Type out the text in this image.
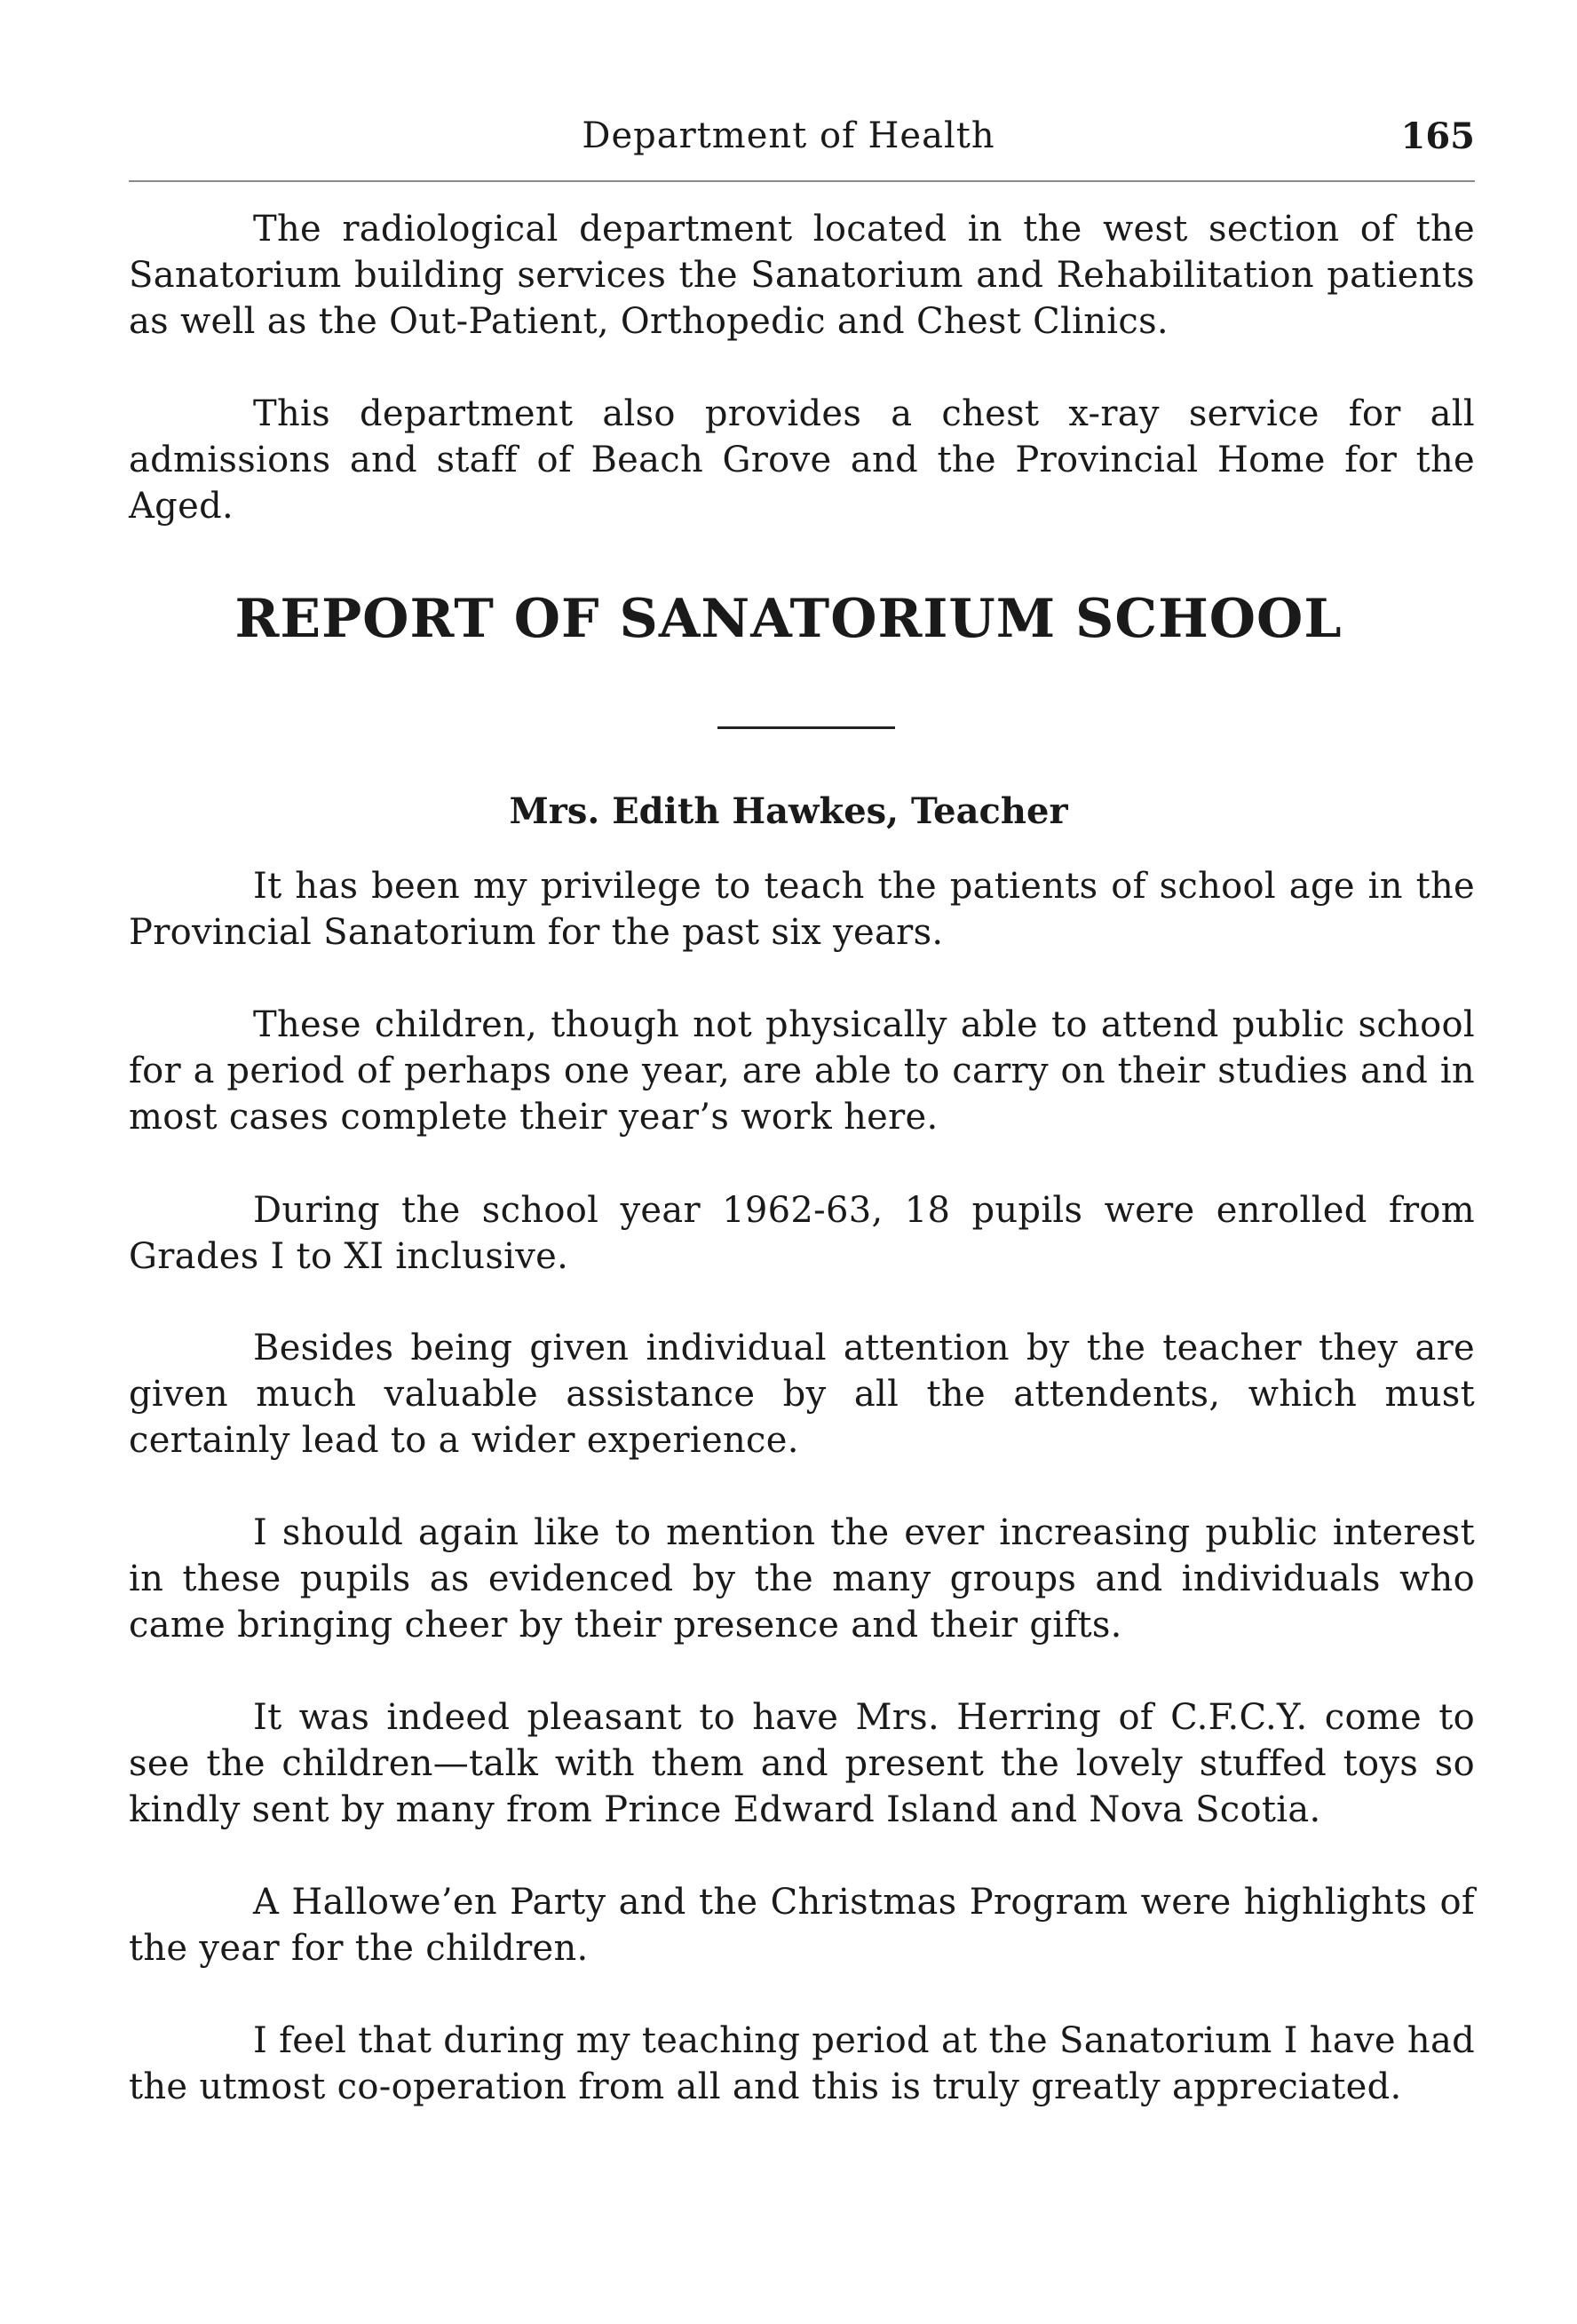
Department of Health	165

The radiological department located in the west section of the Sanatorium building services the Sanatorium and Rehabilitation patients as well as the Out-Patient, Orthopedic and Chest Clinics.

This department also provides a chest x-ray service for all admissions and staff of Beach Grove and the Provincial Home for the Aged.

REPORT OF SANATORIUM SCHOOL
Mrs. Edith Hawkes, Teacher

It has been my privilege to teach the patients of school age in the Provincial Sanatorium for the past six years.

These children, though not physically able to attend public school for a period of perhaps one year, are able to carry on their studies and in most cases complete their year’s work here.

During the school year 1962-63, 18 pupils were enrolled from Grades I to XI inclusive.

Besides being given individual attention by the teacher they are given much valuable assistance by all the attendents, which must certainly lead to a wider experience.

I should again like to mention the ever increasing public interest in these pupils as evidenced by the many groups and individuals who came bringing cheer by their presence and their gifts.

It was indeed pleasant to have Mrs. Herring of C.F.C.Y. come to see the children—talk with them and present the lovely stuffed toys so kindly sent by many from Prince Edward Island and Nova Scotia.

A Hallowe’en Party and the Christmas Program were highlights of the year for the children.

I feel that during my teaching period at the Sanatorium I have had the utmost co-operation from all and this is truly greatly appreciated.
